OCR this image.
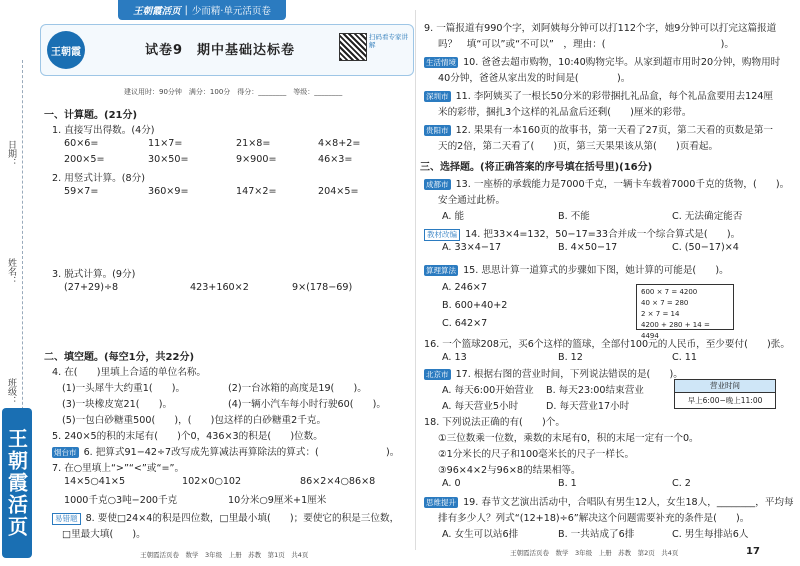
日期：
姓名：
班级：
王朝霞活页
王朝霞活页 | 少而精·单元活页卷
王朝霞	试卷9　期中基础达标卷
扫码看专家讲解
建议用时：90分钟　满分：100分　得分：________　等级：________
一、计算题。(21分)
1. 直接写出得数。(4分)
60×6=	11×7=	21×8=	4×8+2=
200×5=	30×50=	9×900=	46×3=
2. 用竖式计算。(8分)
59×7=	360×9=	147×2=	204×5=
3. 脱式计算。(9分)
(27+29)÷8	423+160×2	9×(178−69)
二、填空题。(每空1分，共22分)
4. 在(　　)里填上合适的单位名称。
(1)一头犀牛大约重1(　　)。	(2)一台冰箱的高度是19(　　)。
(3)一块橡皮宽21(　　)。	(4)一辆小汽车每小时行驶60(　　)。
(5)一包白砂糖重500(　　)，(　　)包这样的白砂糖重2千克。
5. 240×5的积的末尾有(　　)个0，436×3的积是(　　)位数。
烟台市 6. 把算式91−42÷7改写成先算减法再算除法的算式：(　　　　　　　)。
7. 在○里填上“>”“<”或“=”。
14×5○41×5	102×0○102	86×2×4○86×8
1000千克○3吨−200千克	10分米○9厘米+1厘米
易错题 8. 要使□24×4的积是四位数，□里最小填(　　)；要使它的积是三位数，
□里最大填(　　)。
王朝霞活页卷　数学　3年级　上册　苏教　第1页　共4页
9. 一篇报道有990个字，刘阿姨每分钟可以打112个字，她9分钟可以打完这篇报道
吗？　填“可以”或“不可以”　，理由：(　　　　　　　　　　　　)。
生活情境 10. 爸爸去超市购物，10:40购物完毕。从家到超市用时20分钟，购物用时
40分钟，爸爸从家出发的时间是(　　　　)。
深圳市 11. 李阿姨买了一根长50分米的彩带捆扎礼品盒，每个礼品盒要用去124厘
米的彩带，捆扎3个这样的礼品盒后还剩(　　)厘米的彩带。
贵阳市 12. 果果有一本160页的故事书，第一天看了27页，第二天看的页数是第一
天的2倍，第二天看了(　　)页，第三天果果该从第(　　)页看起。
三、选择题。(将正确答案的序号填在括号里)(16分)
成都市 13. 一座桥的承载能力是7000千克，一辆卡车载着7000千克的货物，(　　)。
安全通过此桥。
A. 能	B. 不能	C. 无法确定能否
教材改编 14. 把33×4=132，50−17=33合并成一个综合算式是(　　)。
A. 33×4−17	B. 4×50−17	C. (50−17)×4
算理算法 15. 思思计算一道算式的步骤如下图，她计算的可能是(　　)。
A. 246×7
B. 600+40+2
C. 642×7
600 × 7 = 4200
40 × 7 = 280
2 × 7 = 14
4200 + 280 + 14 = 4494
16. 一个篮球208元，买6个这样的篮球，全部付100元的人民币，至少要付(　　)张。
A. 13	B. 12	C. 11
北京市 17. 根据右图的营业时间，下列说法错误的是(　　)。
A. 每天6:00开始营业 B. 每天23:00结束营业
A. 每天营业5小时	D. 每天营业17小时
营业时间
早上6:00−晚上11:00
18. 下列说法正确的有(　　)个。
①三位数乘一位数，乘数的末尾有0，积的末尾一定有一个0。
②1分米长的尺子和100毫米长的尺子一样长。
③96×4×2与96×8的结果相等。
A. 0	B. 1	C. 2
思维提升 19. 春节文艺演出活动中，合唱队有男生12人，女生18人，________，平均每
排有多少人？列式“(12+18)÷6”解决这个问题需要补充的条件是(　　)。
A. 女生可以站6排	B. 一共站成了6排	C. 男生每排站6人
王朝霞活页卷　数学　3年级　上册　苏教　第2页　共4页	17
